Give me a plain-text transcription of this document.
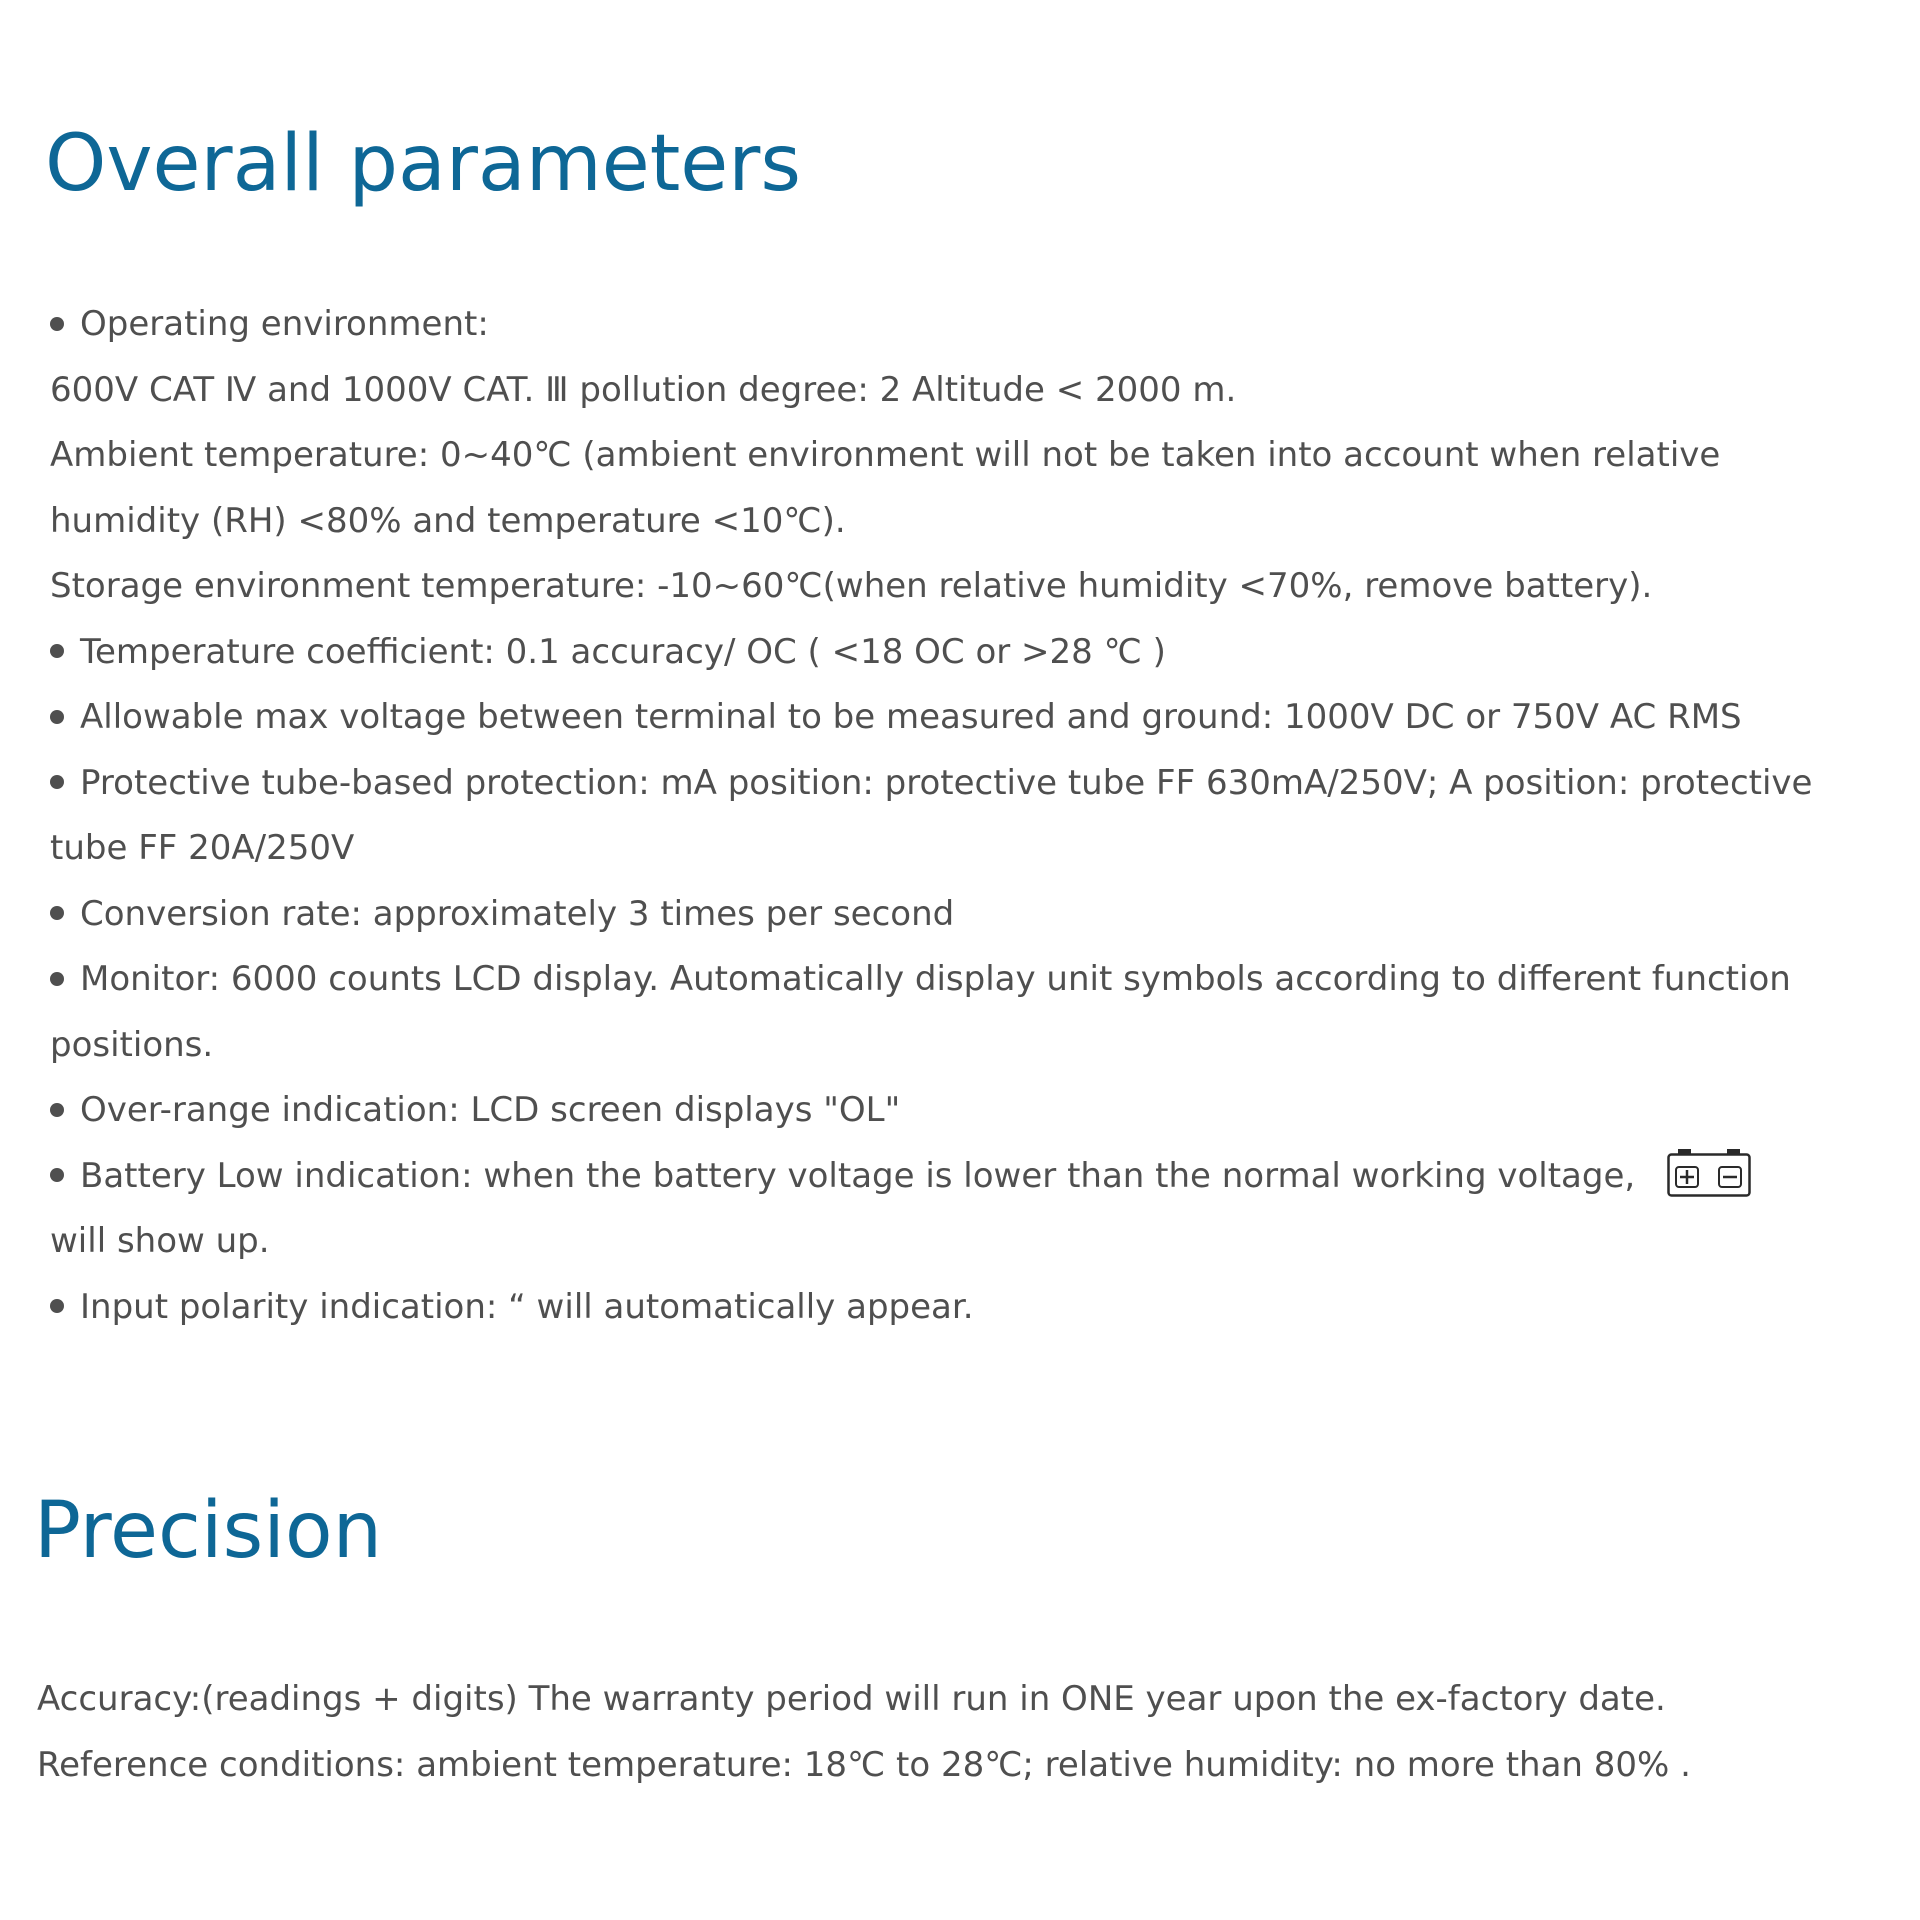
Overall parameters
Operating environment:
600V CAT Ⅳ and 1000V CAT. Ⅲ pollution degree: 2 Altitude < 2000 m.
Ambient temperature: 0~40℃ (ambient environment will not be taken into account when relative
humidity (RH) <80% and temperature <10℃).
Storage environment temperature: -10~60℃(when relative humidity <70%, remove battery).
Temperature coefficient: 0.1 accuracy/ OC ( <18 OC or >28 ℃ )
Allowable max voltage between terminal to be measured and ground: 1000V DC or 750V AC RMS
Protective tube-based protection: mA position: protective tube FF 630mA/250V; A position: protective
tube FF 20A/250V
Conversion rate: approximately 3 times per second
Monitor: 6000 counts LCD display. Automatically display unit symbols according to different function
positions.
Over-range indication: LCD screen displays "OL"
Battery Low indication: when the battery voltage is lower than the normal working voltage,
will show up.
Input polarity indication: “ will automatically appear.
Precision
Accuracy:(readings + digits) The warranty period will run in ONE year upon the ex-factory date.
Reference conditions: ambient temperature: 18℃ to 28℃; relative humidity: no more than 80% .
